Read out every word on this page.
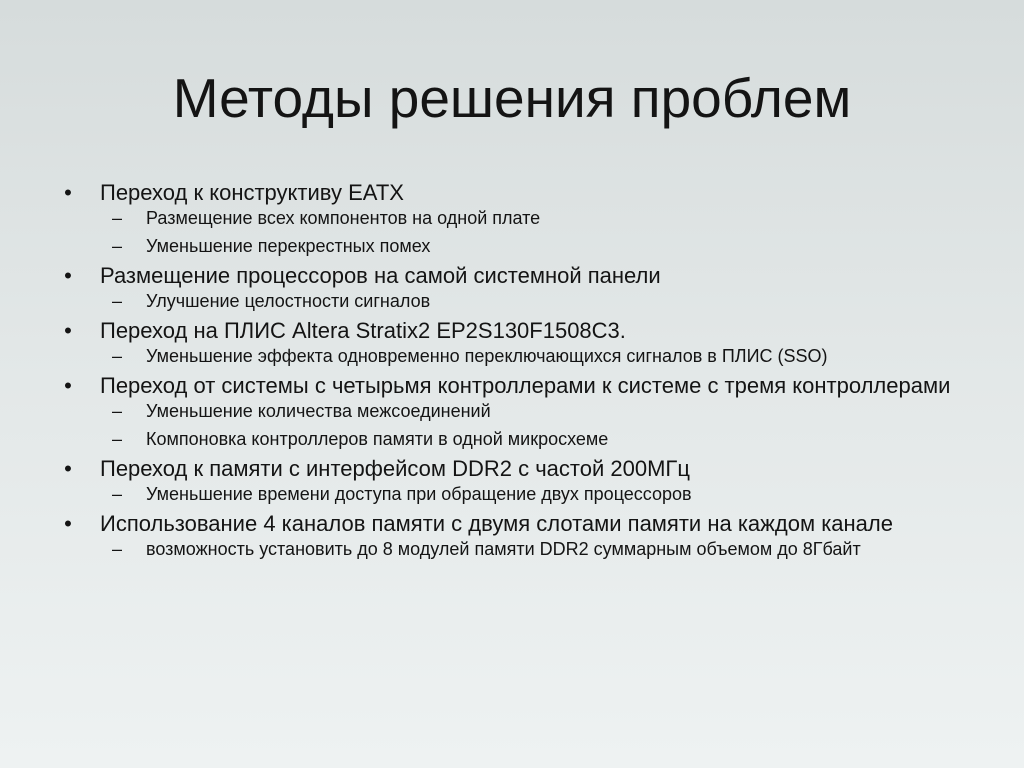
Методы решения проблем
• Переход к конструктиву EATX
– Размещение всех компонентов на одной плате
– Уменьшение перекрестных помех
• Размещение процессоров на самой системной панели
– Улучшение целостности сигналов
• Переход на ПЛИС Altera Stratix2 EP2S130F1508C3.
– Уменьшение эффекта одновременно переключающихся сигналов в ПЛИС (SSO)
• Переход от системы с четырьмя контроллерами к системе с тремя контроллерами
– Уменьшение количества межсоединений
– Компоновка контроллеров памяти в одной микросхеме
• Переход к памяти с интерфейсом DDR2 с частой 200МГц
– Уменьшение времени доступа при обращение двух процессоров
• Использование 4 каналов памяти с двумя слотами памяти на каждом канале
– возможность установить до 8 модулей памяти DDR2 суммарным объемом до 8Гбайт
